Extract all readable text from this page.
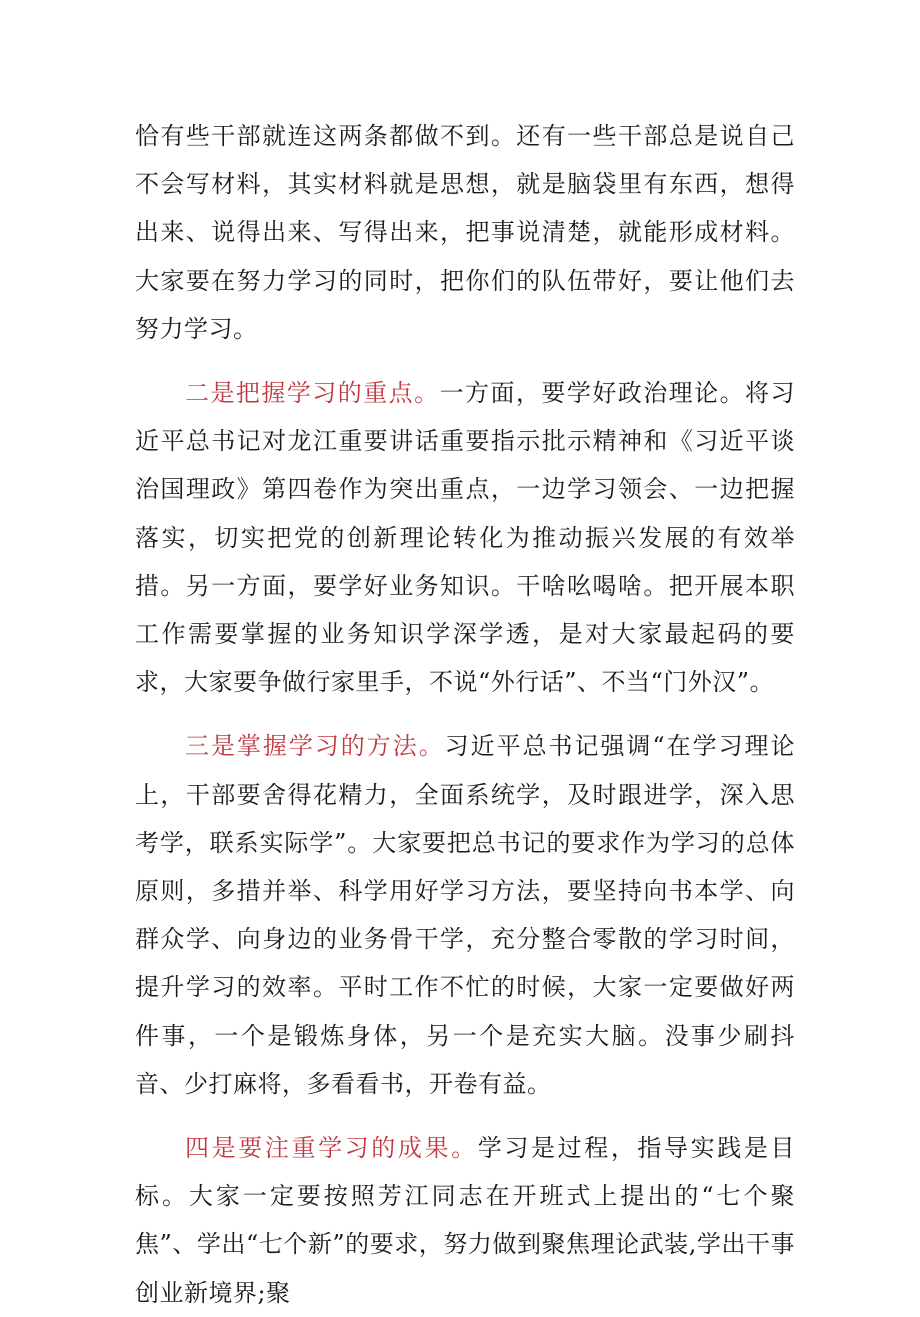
恰有些干部就连这两条都做不到。还有一些干部总是说自己不会写材料，其实材料就是思想，就是脑袋里有东西，想得出来、说得出来、写得出来，把事说清楚，就能形成材料。大家要在努力学习的同时，把你们的队伍带好，要让他们去努力学习。

二是把握学习的重点。一方面，要学好政治理论。将习近平总书记对龙江重要讲话重要指示批示精神和《习近平谈治国理政》第四卷作为突出重点，一边学习领会、一边把握落实，切实把党的创新理论转化为推动振兴发展的有效举措。另一方面，要学好业务知识。干啥吆喝啥。把开展本职工作需要掌握的业务知识学深学透，是对大家最起码的要求，大家要争做行家里手，不说“外行话”、不当“门外汉”。

三是掌握学习的方法。习近平总书记强调“在学习理论上，干部要舍得花精力，全面系统学，及时跟进学，深入思考学，联系实际学”。大家要把总书记的要求作为学习的总体原则，多措并举、科学用好学习方法，要坚持向书本学、向群众学、向身边的业务骨干学，充分整合零散的学习时间，提升学习的效率。平时工作不忙的时候，大家一定要做好两件事，一个是锻炼身体，另一个是充实大脑。没事少刷抖音、少打麻将，多看看书，开卷有益。

四是要注重学习的成果。学习是过程，指导实践是目标。大家一定要按照芳江同志在开班式上提出的“七个聚焦”、学出“七个新”的要求，努力做到聚焦理论武装,学出干事创业新境界;聚
